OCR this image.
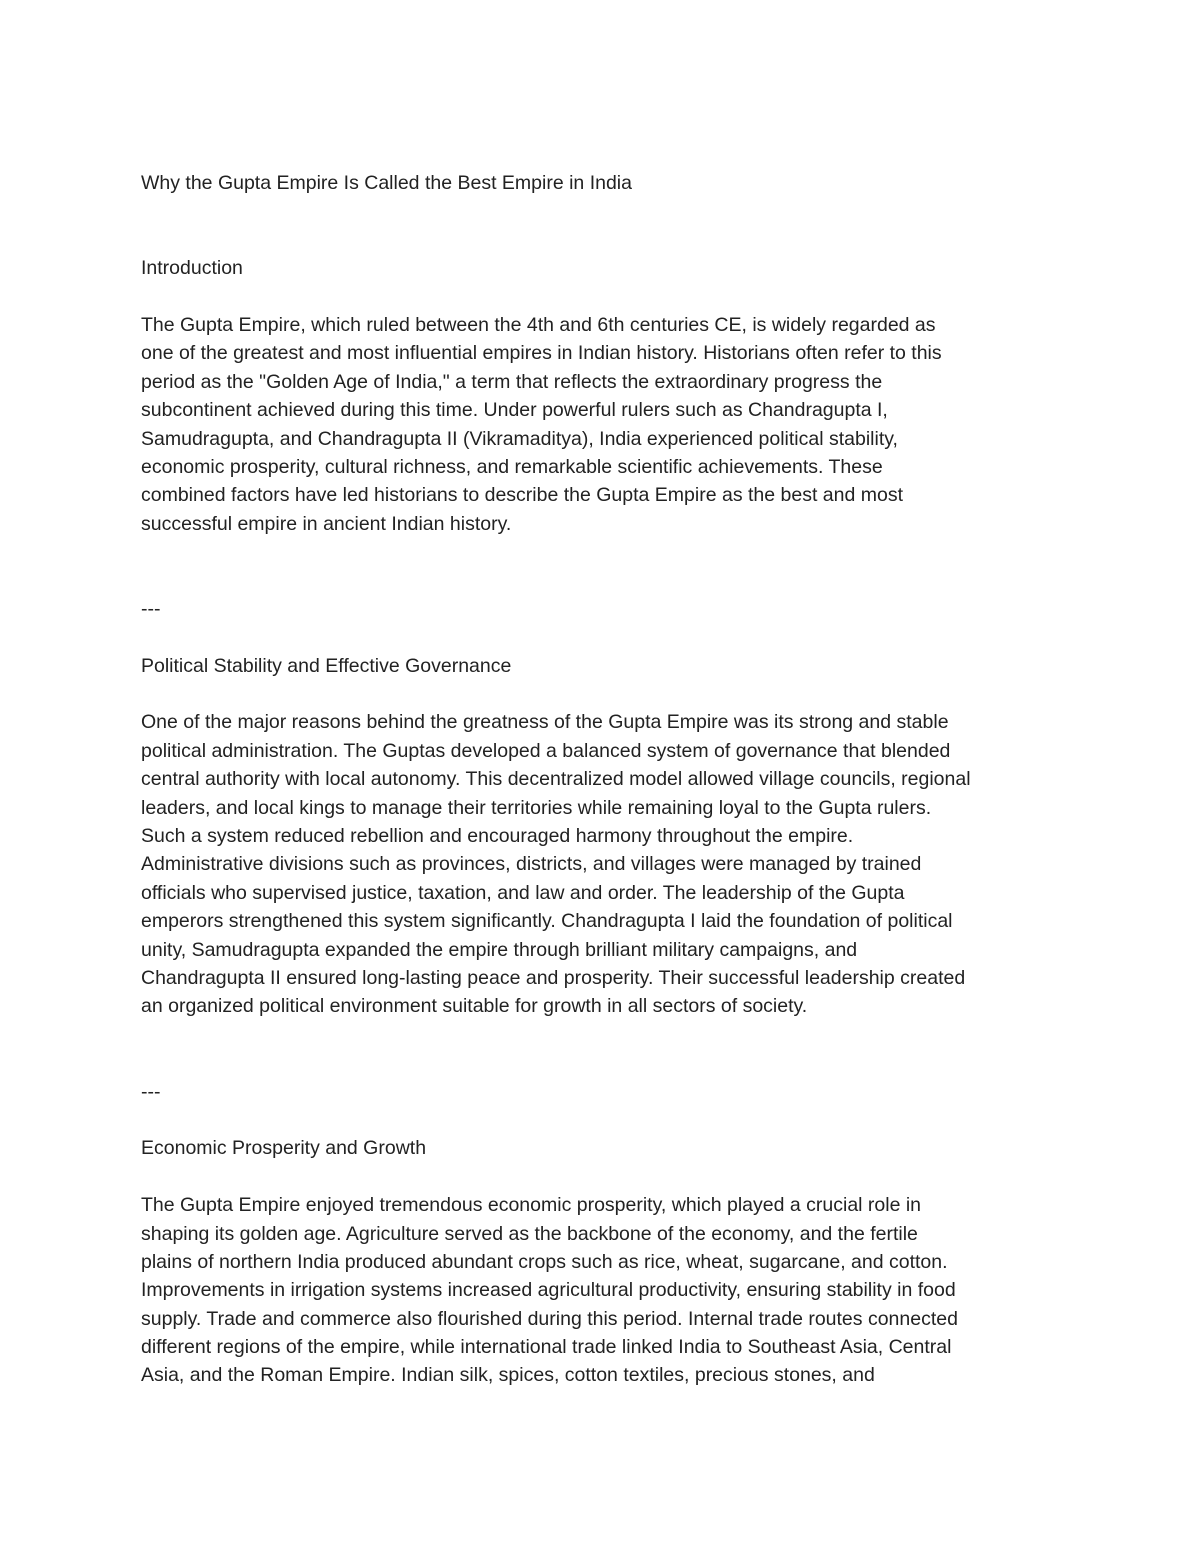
Why the Gupta Empire Is Called the Best Empire in India
Introduction
The Gupta Empire, which ruled between the 4th and 6th centuries CE, is widely regarded as
one of the greatest and most influential empires in Indian history. Historians often refer to this
period as the "Golden Age of India," a term that reflects the extraordinary progress the
subcontinent achieved during this time. Under powerful rulers such as Chandragupta I,
Samudragupta, and Chandragupta II (Vikramaditya), India experienced political stability,
economic prosperity, cultural richness, and remarkable scientific achievements. These
combined factors have led historians to describe the Gupta Empire as the best and most
successful empire in ancient Indian history.
---
Political Stability and Effective Governance
One of the major reasons behind the greatness of the Gupta Empire was its strong and stable
political administration. The Guptas developed a balanced system of governance that blended
central authority with local autonomy. This decentralized model allowed village councils, regional
leaders, and local kings to manage their territories while remaining loyal to the Gupta rulers.
Such a system reduced rebellion and encouraged harmony throughout the empire.
Administrative divisions such as provinces, districts, and villages were managed by trained
officials who supervised justice, taxation, and law and order. The leadership of the Gupta
emperors strengthened this system significantly. Chandragupta I laid the foundation of political
unity, Samudragupta expanded the empire through brilliant military campaigns, and
Chandragupta II ensured long-lasting peace and prosperity. Their successful leadership created
an organized political environment suitable for growth in all sectors of society.
---
Economic Prosperity and Growth
The Gupta Empire enjoyed tremendous economic prosperity, which played a crucial role in
shaping its golden age. Agriculture served as the backbone of the economy, and the fertile
plains of northern India produced abundant crops such as rice, wheat, sugarcane, and cotton.
Improvements in irrigation systems increased agricultural productivity, ensuring stability in food
supply. Trade and commerce also flourished during this period. Internal trade routes connected
different regions of the empire, while international trade linked India to Southeast Asia, Central
Asia, and the Roman Empire. Indian silk, spices, cotton textiles, precious stones, and
